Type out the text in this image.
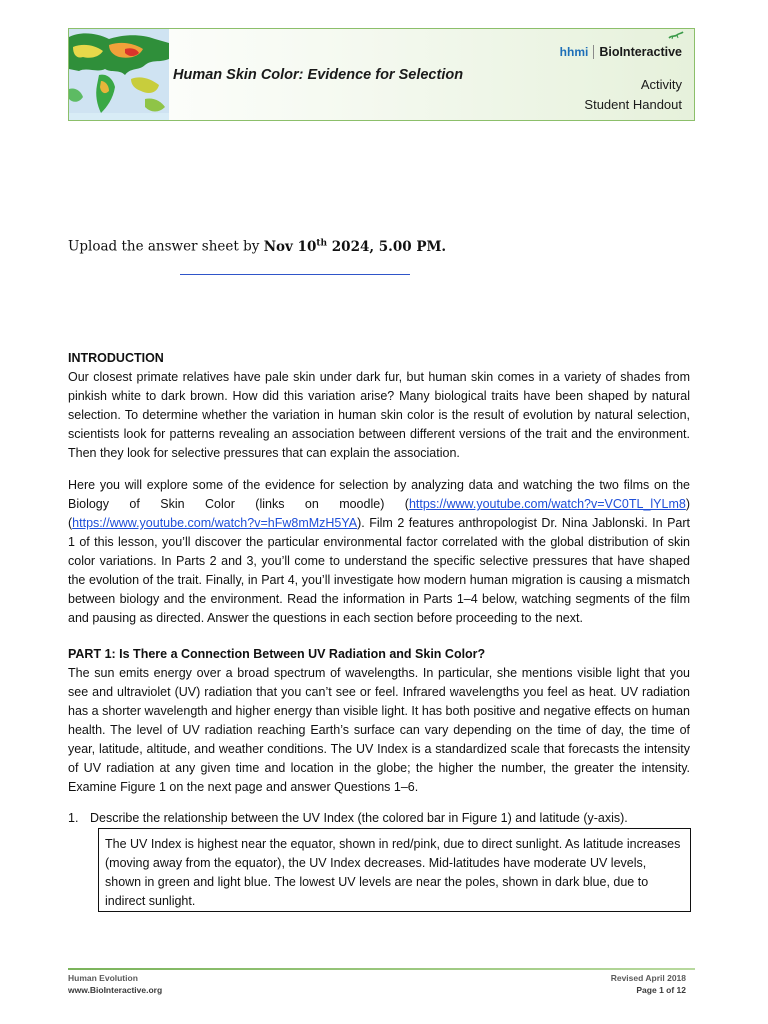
Human Skin Color: Evidence for Selection
hhmi BioInteractive
Activity
Student Handout
Upload the answer sheet by Nov 10th 2024, 5.00 PM.

INTRODUCTION

Our closest primate relatives have pale skin under dark fur, but human skin comes in a variety of shades from pinkish white to dark brown. How did this variation arise? Many biological traits have been shaped by natural selection. To determine whether the variation in human skin color is the result of evolution by natural selection, scientists look for patterns revealing an association between different versions of the trait and the environment. Then they look for selective pressures that can explain the association.

Here you will explore some of the evidence for selection by analyzing data and watching the two films on the Biology of Skin Color (links on moodle) (https://www.youtube.com/watch?v=VC0TL_lYLm8) (https://www.youtube.com/watch?v=hFw8mMzH5YA). Film 2 features anthropologist Dr. Nina Jablonski. In Part 1 of this lesson, you’ll discover the particular environmental factor correlated with the global distribution of skin color variations. In Parts 2 and 3, you’ll come to understand the specific selective pressures that have shaped the evolution of the trait. Finally, in Part 4, you’ll investigate how modern human migration is causing a mismatch between biology and the environment. Read the information in Parts 1–4 below, watching segments of the film and pausing as directed. Answer the questions in each section before proceeding to the next.

PART 1: Is There a Connection Between UV Radiation and Skin Color?

The sun emits energy over a broad spectrum of wavelengths. In particular, she mentions visible light that you see and ultraviolet (UV) radiation that you can’t see or feel. Infrared wavelengths you feel as heat. UV radiation has a shorter wavelength and higher energy than visible light. It has both positive and negative effects on human health. The level of UV radiation reaching Earth’s surface can vary depending on the time of day, the time of year, latitude, altitude, and weather conditions. The UV Index is a standardized scale that forecasts the intensity of UV radiation at any given time and location in the globe; the higher the number, the greater the intensity. Examine Figure 1 on the next page and answer Questions 1–6.

1. Describe the relationship between the UV Index (the colored bar in Figure 1) and latitude (y-axis).
The UV Index is highest near the equator, shown in red/pink, due to direct sunlight. As latitude increases (moving away from the equator), the UV Index decreases. Mid-latitudes have moderate UV levels, shown in green and light blue. The lowest UV levels are near the poles, shown in dark blue, due to indirect sunlight.
Human Evolution
www.BioInteractive.org
Revised April 2018
Page 1 of 12
